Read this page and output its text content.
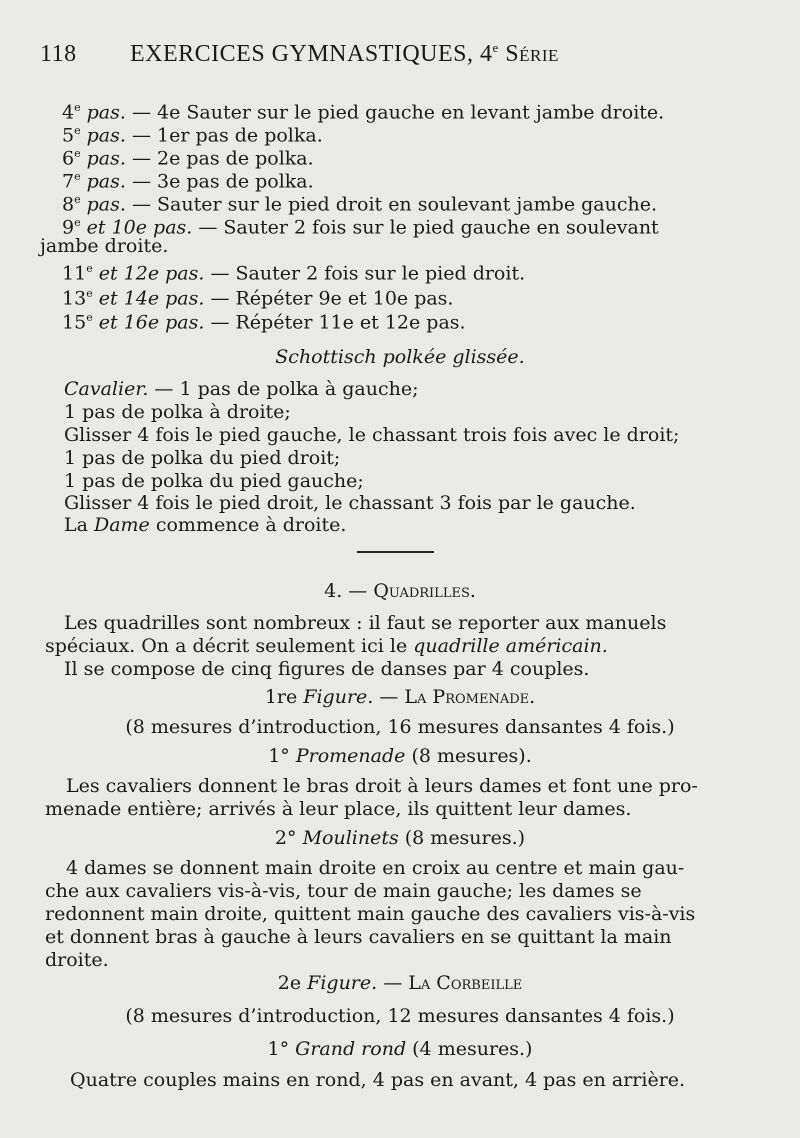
118 EXERCICES GYMNASTIQUES, 4e Série
4e pas. — 4e Sauter sur le pied gauche en levant jambe droite.
5e pas. — 1er pas de polka.
6e pas. — 2e pas de polka.
7e pas. — 3e pas de polka.
8e pas. — Sauter sur le pied droit en soulevant jambe gauche.
9e et 10e pas. — Sauter 2 fois sur le pied gauche en soulevant
jambe droite.
11e et 12e pas. — Sauter 2 fois sur le pied droit.
13e et 14e pas. — Répéter 9e et 10e pas.
15e et 16e pas. — Répéter 11e et 12e pas.
Schottisch polkée glissée.
Cavalier. — 1 pas de polka à gauche;
1 pas de polka à droite;
Glisser 4 fois le pied gauche, le chassant trois fois avec le droit;
1 pas de polka du pied droit;
1 pas de polka du pied gauche;
Glisser 4 fois le pied droit, le chassant 3 fois par le gauche.
La Dame commence à droite.
4. — Quadrilles.
Les quadrilles sont nombreux : il faut se reporter aux manuels
spéciaux. On a décrit seulement ici le quadrille américain.
Il se compose de cinq figures de danses par 4 couples.
1re Figure. — La Promenade.
(8 mesures d’introduction, 16 mesures dansantes 4 fois.)
1° Promenade (8 mesures).
Les cavaliers donnent le bras droit à leurs dames et font une pro-
menade entière; arrivés à leur place, ils quittent leur dames.
2° Moulinets (8 mesures.)
4 dames se donnent main droite en croix au centre et main gau-
che aux cavaliers vis-à-vis, tour de main gauche; les dames se
redonnent main droite, quittent main gauche des cavaliers vis-à-vis
et donnent bras à gauche à leurs cavaliers en se quittant la main
droite.
2e Figure. — La Corbeille
(8 mesures d’introduction, 12 mesures dansantes 4 fois.)
1° Grand rond (4 mesures.)
Quatre couples mains en rond, 4 pas en avant, 4 pas en arrière.
